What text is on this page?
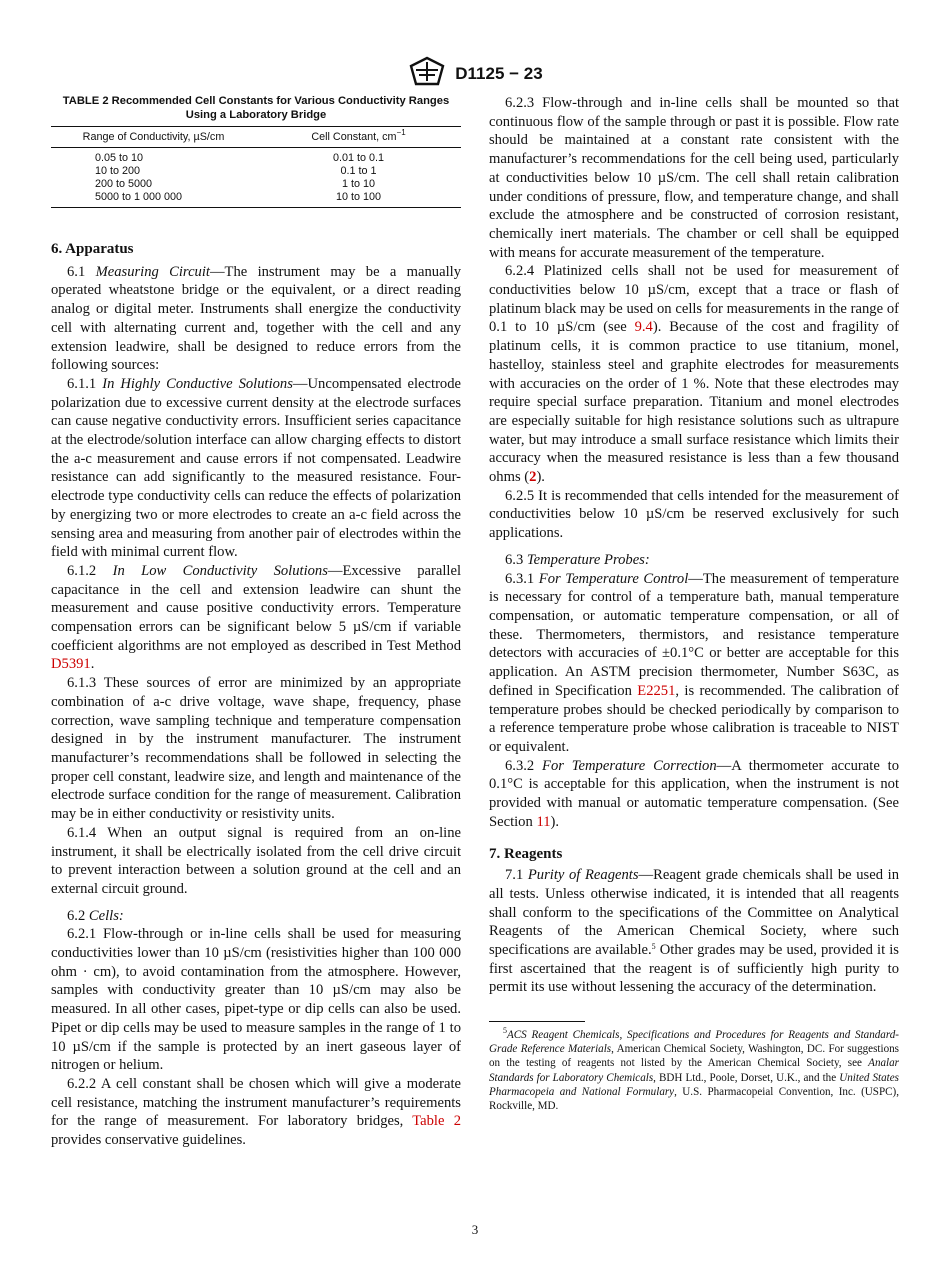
D1125 − 23
TABLE 2 Recommended Cell Constants for Various Conductivity Ranges Using a Laboratory Bridge
Range of Conductivity, µS/cm	Cell Constant, $cm^{-1}$
0.05 to 10	0.01 to 0.1
10 to 200	0.1 to 1
200 to 5000	1 to 10
5000 to 1 000 000	10 to 100
6. Apparatus

6.1 Measuring Circuit—The instrument may be a manually operated wheatstone bridge or the equivalent, or a direct reading analog or digital meter. Instruments shall energize the conductivity cell with alternating current and, together with the cell and any extension leadwire, shall be designed to reduce errors from the following sources:

6.1.1 In Highly Conductive Solutions—Uncompensated electrode polarization due to excessive current density at the electrode surfaces can cause negative conductivity errors. Insufficient series capacitance at the electrode/solution interface can allow charging effects to distort the a-c measurement and cause errors if not compensated. Leadwire resistance can add significantly to the measured resistance. Four-electrode type conductivity cells can reduce the effects of polarization by energizing two or more electrodes to create an a-c field across the sensing area and measuring from another pair of electrodes within the field with minimal current flow.

6.1.2 In Low Conductivity Solutions—Excessive parallel capacitance in the cell and extension leadwire can shunt the measurement and cause positive conductivity errors. Temperature compensation errors can be significant below 5 µS/cm if variable coefficient algorithms are not employed as described in Test Method D5391.

6.1.3 These sources of error are minimized by an appropriate combination of a-c drive voltage, wave shape, frequency, phase correction, wave sampling technique and temperature compensation designed in by the instrument manufacturer. The instrument manufacturer’s recommendations shall be followed in selecting the proper cell constant, leadwire size, and length and maintenance of the electrode surface condition for the range of measurement. Calibration may be in either conductivity or resistivity units.

6.1.4 When an output signal is required from an on-line instrument, it shall be electrically isolated from the cell drive circuit to prevent interaction between a solution ground at the cell and an external circuit ground.

6.2 Cells:

6.2.1 Flow-through or in-line cells shall be used for measuring conductivities lower than 10 µS/cm (resistivities higher than 100 000 ohm · cm), to avoid contamination from the atmosphere. However, samples with conductivity greater than 10 µS/cm may also be measured. In all other cases, pipet-type or dip cells can also be used. Pipet or dip cells may be used to measure samples in the range of 1 to 10 µS/cm if the sample is protected by an inert gaseous layer of nitrogen or helium.

6.2.2 A cell constant shall be chosen which will give a moderate cell resistance, matching the instrument manufacturer’s requirements for the range of measurement. For laboratory bridges, Table 2 provides conservative guidelines.

6.2.3 Flow-through and in-line cells shall be mounted so that continuous flow of the sample through or past it is possible. Flow rate should be maintained at a constant rate consistent with the manufacturer’s recommendations for the cell being used, particularly at conductivities below 10 µS/cm. The cell shall retain calibration under conditions of pressure, flow, and temperature change, and shall exclude the atmosphere and be constructed of corrosion resistant, chemically inert materials. The chamber or cell shall be equipped with means for accurate measurement of the temperature.

6.2.4 Platinized cells shall not be used for measurement of conductivities below 10 µS/cm, except that a trace or flash of platinum black may be used on cells for measurements in the range of 0.1 to 10 µS/cm (see 9.4). Because of the cost and fragility of platinum cells, it is common practice to use titanium, monel, hastelloy, stainless steel and graphite electrodes for measurements with accuracies on the order of 1 %. Note that these electrodes may require special surface preparation. Titanium and monel electrodes are especially suitable for high resistance solutions such as ultrapure water, but may introduce a small surface resistance which limits their accuracy when the measured resistance is less than a few thousand ohms (2).

6.2.5 It is recommended that cells intended for the measurement of conductivities below 10 µS/cm be reserved exclusively for such applications.

6.3 Temperature Probes:

6.3.1 For Temperature Control—The measurement of temperature is necessary for control of a temperature bath, manual temperature compensation, or automatic temperature compensation, or all of these. Thermometers, thermistors, and resistance temperature detectors with accuracies of ±0.1°C or better are acceptable for this application. An ASTM precision thermometer, Number S63C, as defined in Specification E2251, is recommended. The calibration of temperature probes should be checked periodically by comparison to a reference temperature probe whose calibration is traceable to NIST or equivalent.

6.3.2 For Temperature Correction—A thermometer accurate to 0.1°C is acceptable for this application, when the instrument is not provided with manual or automatic temperature compensation. (See Section 11).

7. Reagents

7.1 Purity of Reagents—Reagent grade chemicals shall be used in all tests. Unless otherwise indicated, it is intended that all reagents shall conform to the specifications of the Committee on Analytical Reagents of the American Chemical Society, where such specifications are available.$^5$ Other grades may be used, provided it is first ascertained that the reagent is of sufficiently high purity to permit its use without lessening the accuracy of the determination.

$^5$ACS Reagent Chemicals, Specifications and Procedures for Reagents and Standard-Grade Reference Materials, American Chemical Society, Washington, DC. For suggestions on the testing of reagents not listed by the American Chemical Society, see Analar Standards for Laboratory Chemicals, BDH Ltd., Poole, Dorset, U.K., and the United States Pharmacopeia and National Formulary, U.S. Pharmacopeial Convention, Inc. (USPC), Rockville, MD.

3
